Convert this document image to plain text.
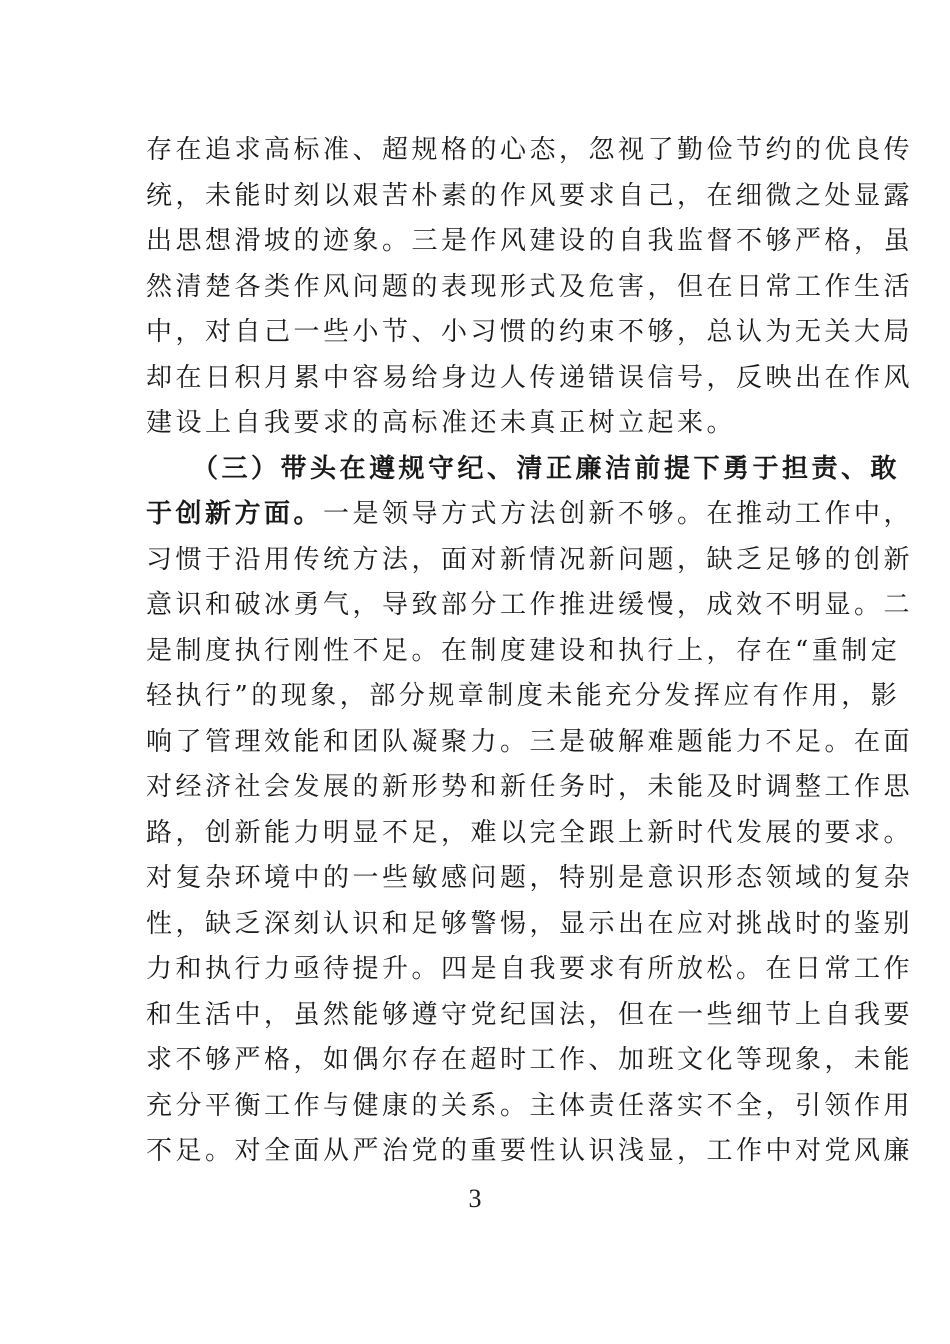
存在追求高标准、超规格的心态，忽视了勤俭节约的优良传
统，未能时刻以艰苦朴素的作风要求自己，在细微之处显露
出思想滑坡的迹象。三是作风建设的自我监督不够严格，虽
然清楚各类作风问题的表现形式及危害，但在日常工作生活
中，对自己一些小节、小习惯的约束不够，总认为无关大局
却在日积月累中容易给身边人传递错误信号，反映出在作风
建设上自我要求的高标准还未真正树立起来。
　　（三）带头在遵规守纪、清正廉洁前提下勇于担责、敢
于创新方面。一是领导方式方法创新不够。在推动工作中，
习惯于沿用传统方法，面对新情况新问题，缺乏足够的创新
意识和破冰勇气，导致部分工作推进缓慢，成效不明显。二
是制度执行刚性不足。在制度建设和执行上，存在“重制定
轻执行”的现象，部分规章制度未能充分发挥应有作用，影
响了管理效能和团队凝聚力。三是破解难题能力不足。在面
对经济社会发展的新形势和新任务时，未能及时调整工作思
路，创新能力明显不足，难以完全跟上新时代发展的要求。
对复杂环境中的一些敏感问题，特别是意识形态领域的复杂
性，缺乏深刻认识和足够警惕，显示出在应对挑战时的鉴别
力和执行力亟待提升。四是自我要求有所放松。在日常工作
和生活中，虽然能够遵守党纪国法，但在一些细节上自我要
求不够严格，如偶尔存在超时工作、加班文化等现象，未能
充分平衡工作与健康的关系。主体责任落实不全，引领作用
不足。对全面从严治党的重要性认识浅显，工作中对党风廉
3
